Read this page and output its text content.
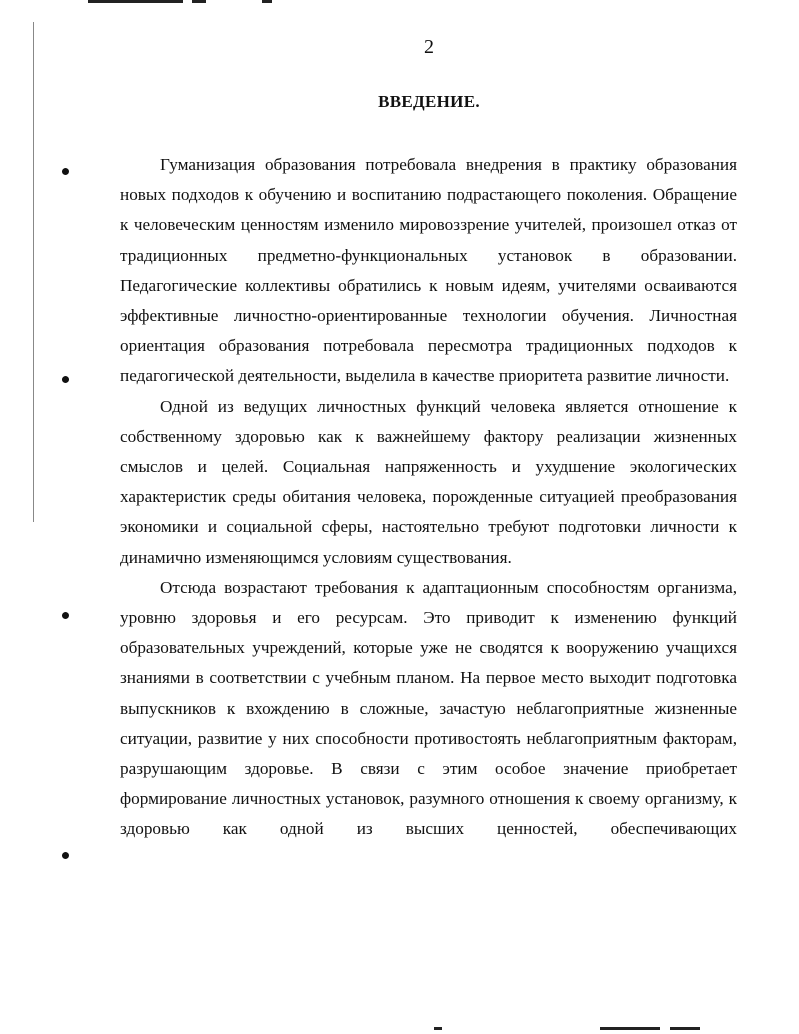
2
ВВЕДЕНИЕ.

Гуманизация образования потребовала внедрения в практику образования новых подходов к обучению и воспитанию подрастающего поколения. Обращение к человеческим ценностям изменило мировоззрение учителей, произошел отказ от традиционных предметно-функциональных установок в образовании. Педагогические коллективы обратились к новым идеям, учителями осваиваются эффективные личностно-ориентированные технологии обучения. Личностная ориентация образования потребовала пересмотра традиционных подходов к педагогической деятельности, выделила в качестве приоритета развитие личности.

Одной из ведущих личностных функций человека является отношение к собственному здоровью как к важнейшему фактору реализации жизненных смыслов и целей. Социальная напряженность и ухудшение экологических характеристик среды обитания человека, порожденные ситуацией преобразования экономики и социальной сферы, настоятельно требуют подготовки личности к динамично изменяющимся условиям существования.

Отсюда возрастают требования к адаптационным способностям организма, уровню здоровья и его ресурсам. Это приводит к изменению функций образовательных учреждений, которые уже не сводятся к вооружению учащихся знаниями в соответствии с учебным планом. На первое место выходит подготовка выпускников к вхождению в сложные, зачастую неблагоприятные жизненные ситуации, развитие у них способности противостоять неблагоприятным факторам, разрушающим здоровье. В связи с этим особое значение приобретает формирование личностных установок, разумного отношения к своему организму, к здоровью как одной из высших ценностей, обеспечивающих
